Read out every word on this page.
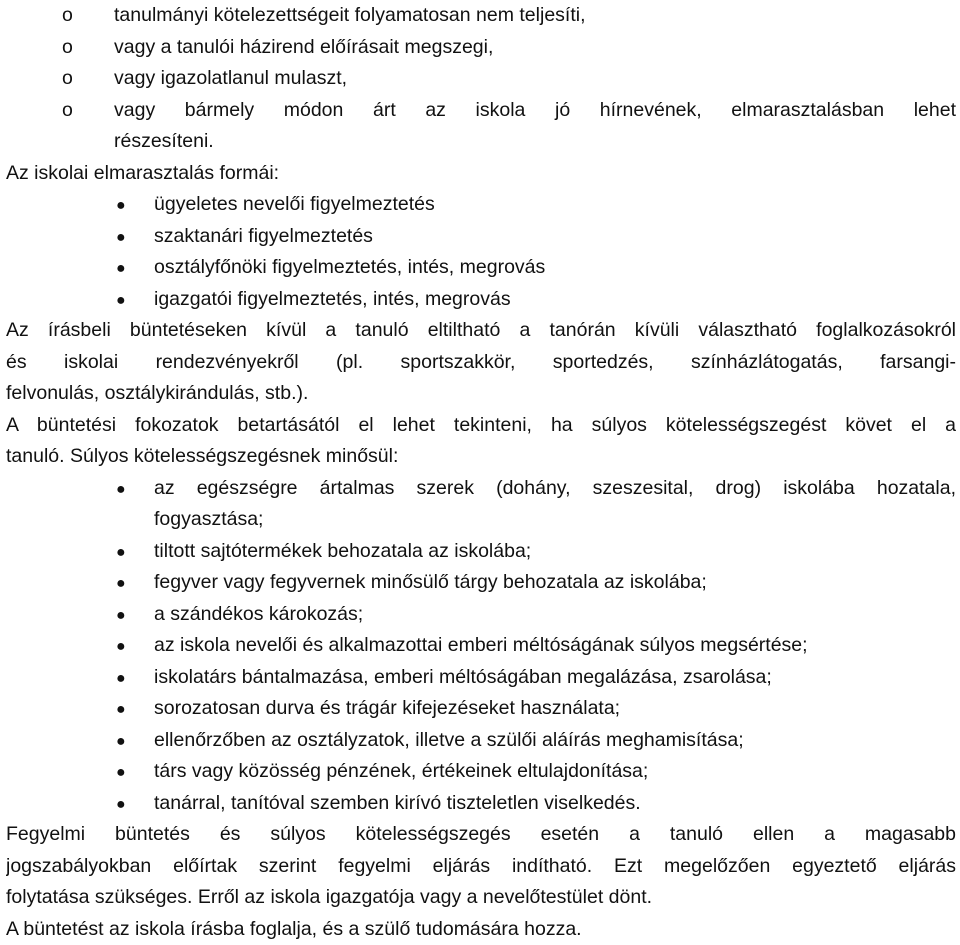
o	tanulmányi kötelezettségeit folyamatosan nem teljesíti,
o	vagy a tanulói házirend előírásait megszegi,
o	vagy igazolatlanul mulaszt,
o	vagy bármely módon árt az iskola jó hírnevének, elmarasztalásban lehet
részesíteni.
Az iskolai elmarasztalás formái:
●	ügyeletes nevelői figyelmeztetés
●	szaktanári figyelmeztetés
●	osztályfőnöki figyelmeztetés, intés, megrovás
●	igazgatói figyelmeztetés, intés, megrovás
Az írásbeli büntetéseken kívül a tanuló eltiltható a tanórán kívüli választható foglalkozásokról
és iskolai rendezvényekről (pl. sportszakkör, sportedzés, színházlátogatás, farsangi-
felvonulás, osztálykirándulás, stb.).
A büntetési fokozatok betartásától el lehet tekinteni, ha súlyos kötelességszegést követ el a
tanuló. Súlyos kötelességszegésnek minősül:
●	az egészségre ártalmas szerek (dohány, szeszesital, drog) iskolába hozatala,
fogyasztása;
●	tiltott sajtótermékek behozatala az iskolába;
●	fegyver vagy fegyvernek minősülő tárgy behozatala az iskolába;
●	a szándékos károkozás;
●	az iskola nevelői és alkalmazottai emberi méltóságának súlyos megsértése;
●	iskolatárs bántalmazása, emberi méltóságában megalázása, zsarolása;
●	sorozatosan durva és trágár kifejezéseket használata;
●	ellenőrzőben az osztályzatok, illetve a szülői aláírás meghamisítása;
●	társ vagy közösség pénzének, értékeinek eltulajdonítása;
●	tanárral, tanítóval szemben kirívó tiszteletlen viselkedés.
Fegyelmi büntetés és súlyos kötelességszegés esetén a tanuló ellen a magasabb
jogszabályokban előírtak szerint fegyelmi eljárás indítható. Ezt megelőzően egyeztető eljárás
folytatása szükséges. Erről az iskola igazgatója vagy a nevelőtestület dönt.
A büntetést az iskola írásba foglalja, és a szülő tudomására hozza.
